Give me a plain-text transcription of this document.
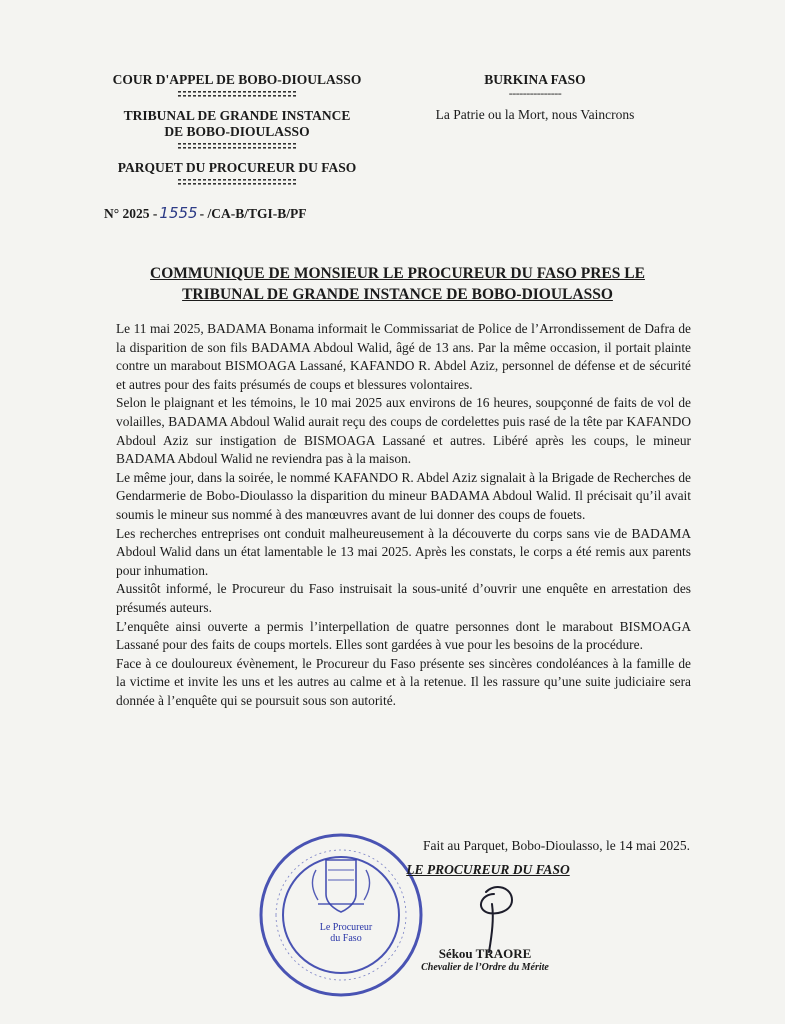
COUR D'APPEL DE BOBO-DIOULASSO
TRIBUNAL DE GRANDE INSTANCE
DE BOBO-DIOULASSO
PARQUET DU PROCUREUR DU FASO
BURKINA FASO
---------------
La Patrie ou la Mort, nous Vaincrons
N° 2025 - 1555 - /CA-B/TGI-B/PF
COMMUNIQUE DE MONSIEUR LE PROCUREUR DU FASO PRES LE
TRIBUNAL DE GRANDE INSTANCE DE BOBO-DIOULASSO

Le 11 mai 2025, BADAMA Bonama informait le Commissariat de Police de l’Arrondissement de Dafra de la disparition de son fils BADAMA Abdoul Walid, âgé de 13 ans. Par la même occasion, il portait plainte contre un marabout BISMOAGA Lassané, KAFANDO R. Abdel Aziz, personnel de défense et de sécurité et autres pour des faits présumés de coups et blessures volontaires.

Selon le plaignant et les témoins, le 10 mai 2025 aux environs de 16 heures, soupçonné de faits de vol de volailles, BADAMA Abdoul Walid aurait reçu des coups de cordelettes puis rasé de la tête par KAFANDO Abdoul Aziz sur instigation de BISMOAGA Lassané et autres. Libéré après les coups, le mineur BADAMA Abdoul Walid ne reviendra pas à la maison.

Le même jour, dans la soirée, le nommé KAFANDO R. Abdel Aziz signalait à la Brigade de Recherches de Gendarmerie de Bobo-Dioulasso la disparition du mineur BADAMA Abdoul Walid. Il précisait qu’il avait soumis le mineur sus nommé à des manœuvres avant de lui donner des coups de fouets.

Les recherches entreprises ont conduit malheureusement à la découverte du corps sans vie de BADAMA Abdoul Walid dans un état lamentable le 13 mai 2025. Après les constats, le corps a été remis aux parents pour inhumation.

Aussitôt informé, le Procureur du Faso instruisait la sous-unité d’ouvrir une enquête en arrestation des présumés auteurs.

L’enquête ainsi ouverte a permis l’interpellation de quatre personnes dont le marabout BISMOAGA Lassané pour des faits de coups mortels. Elles sont gardées à vue pour les besoins de la procédure.

Face à ce douloureux évènement, le Procureur du Faso présente ses sincères condoléances à la famille de la victime et invite les uns et les autres au calme et à la retenue. Il les rassure qu’une suite judiciaire sera donnée à l’enquête qui se poursuit sous son autorité.

Fait au Parquet, Bobo-Dioulasso, le 14 mai 2025.
Le Procureur
du Faso
LE PROCUREUR DU FASO
Sékou TRAORE
Chevalier de l’Ordre du Mérite
